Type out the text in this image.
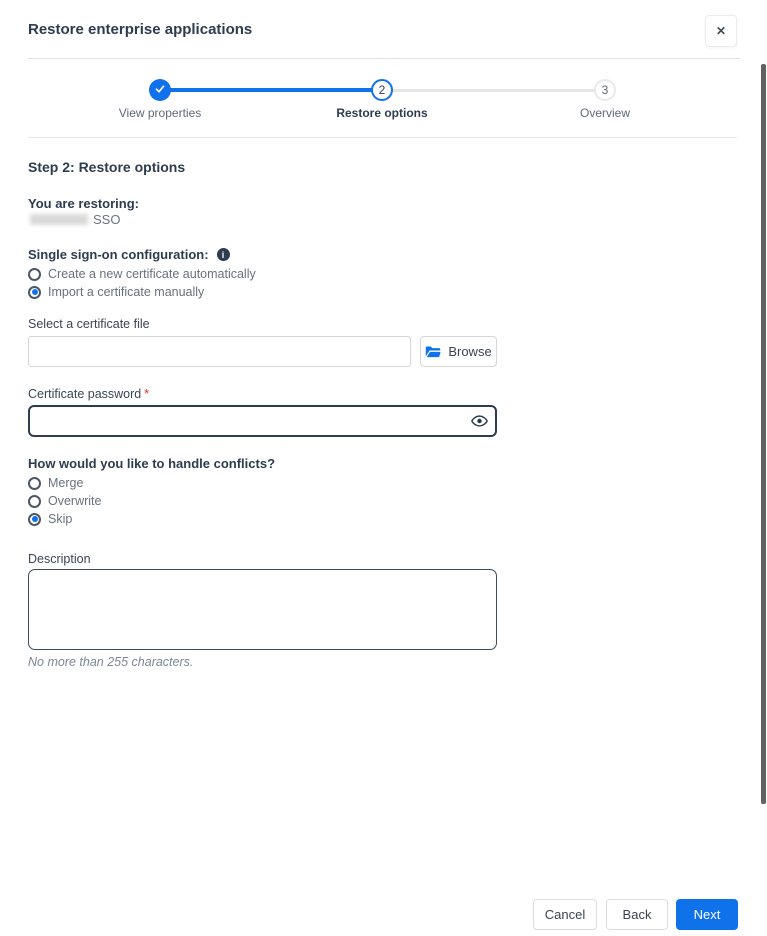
Restore enterprise applications	✕
2	3
View properties	Restore options	Overview
Step 2: Restore options
You are restoring:
SSO
Single sign-on configuration:	i
Create a new certificate automatically
Import a certificate manually
Select a certificate file
Browse
Certificate password *
How would you like to handle conflicts?
Merge
Overwrite
Skip
Description
No more than 255 characters.
Cancel	Back	Next
